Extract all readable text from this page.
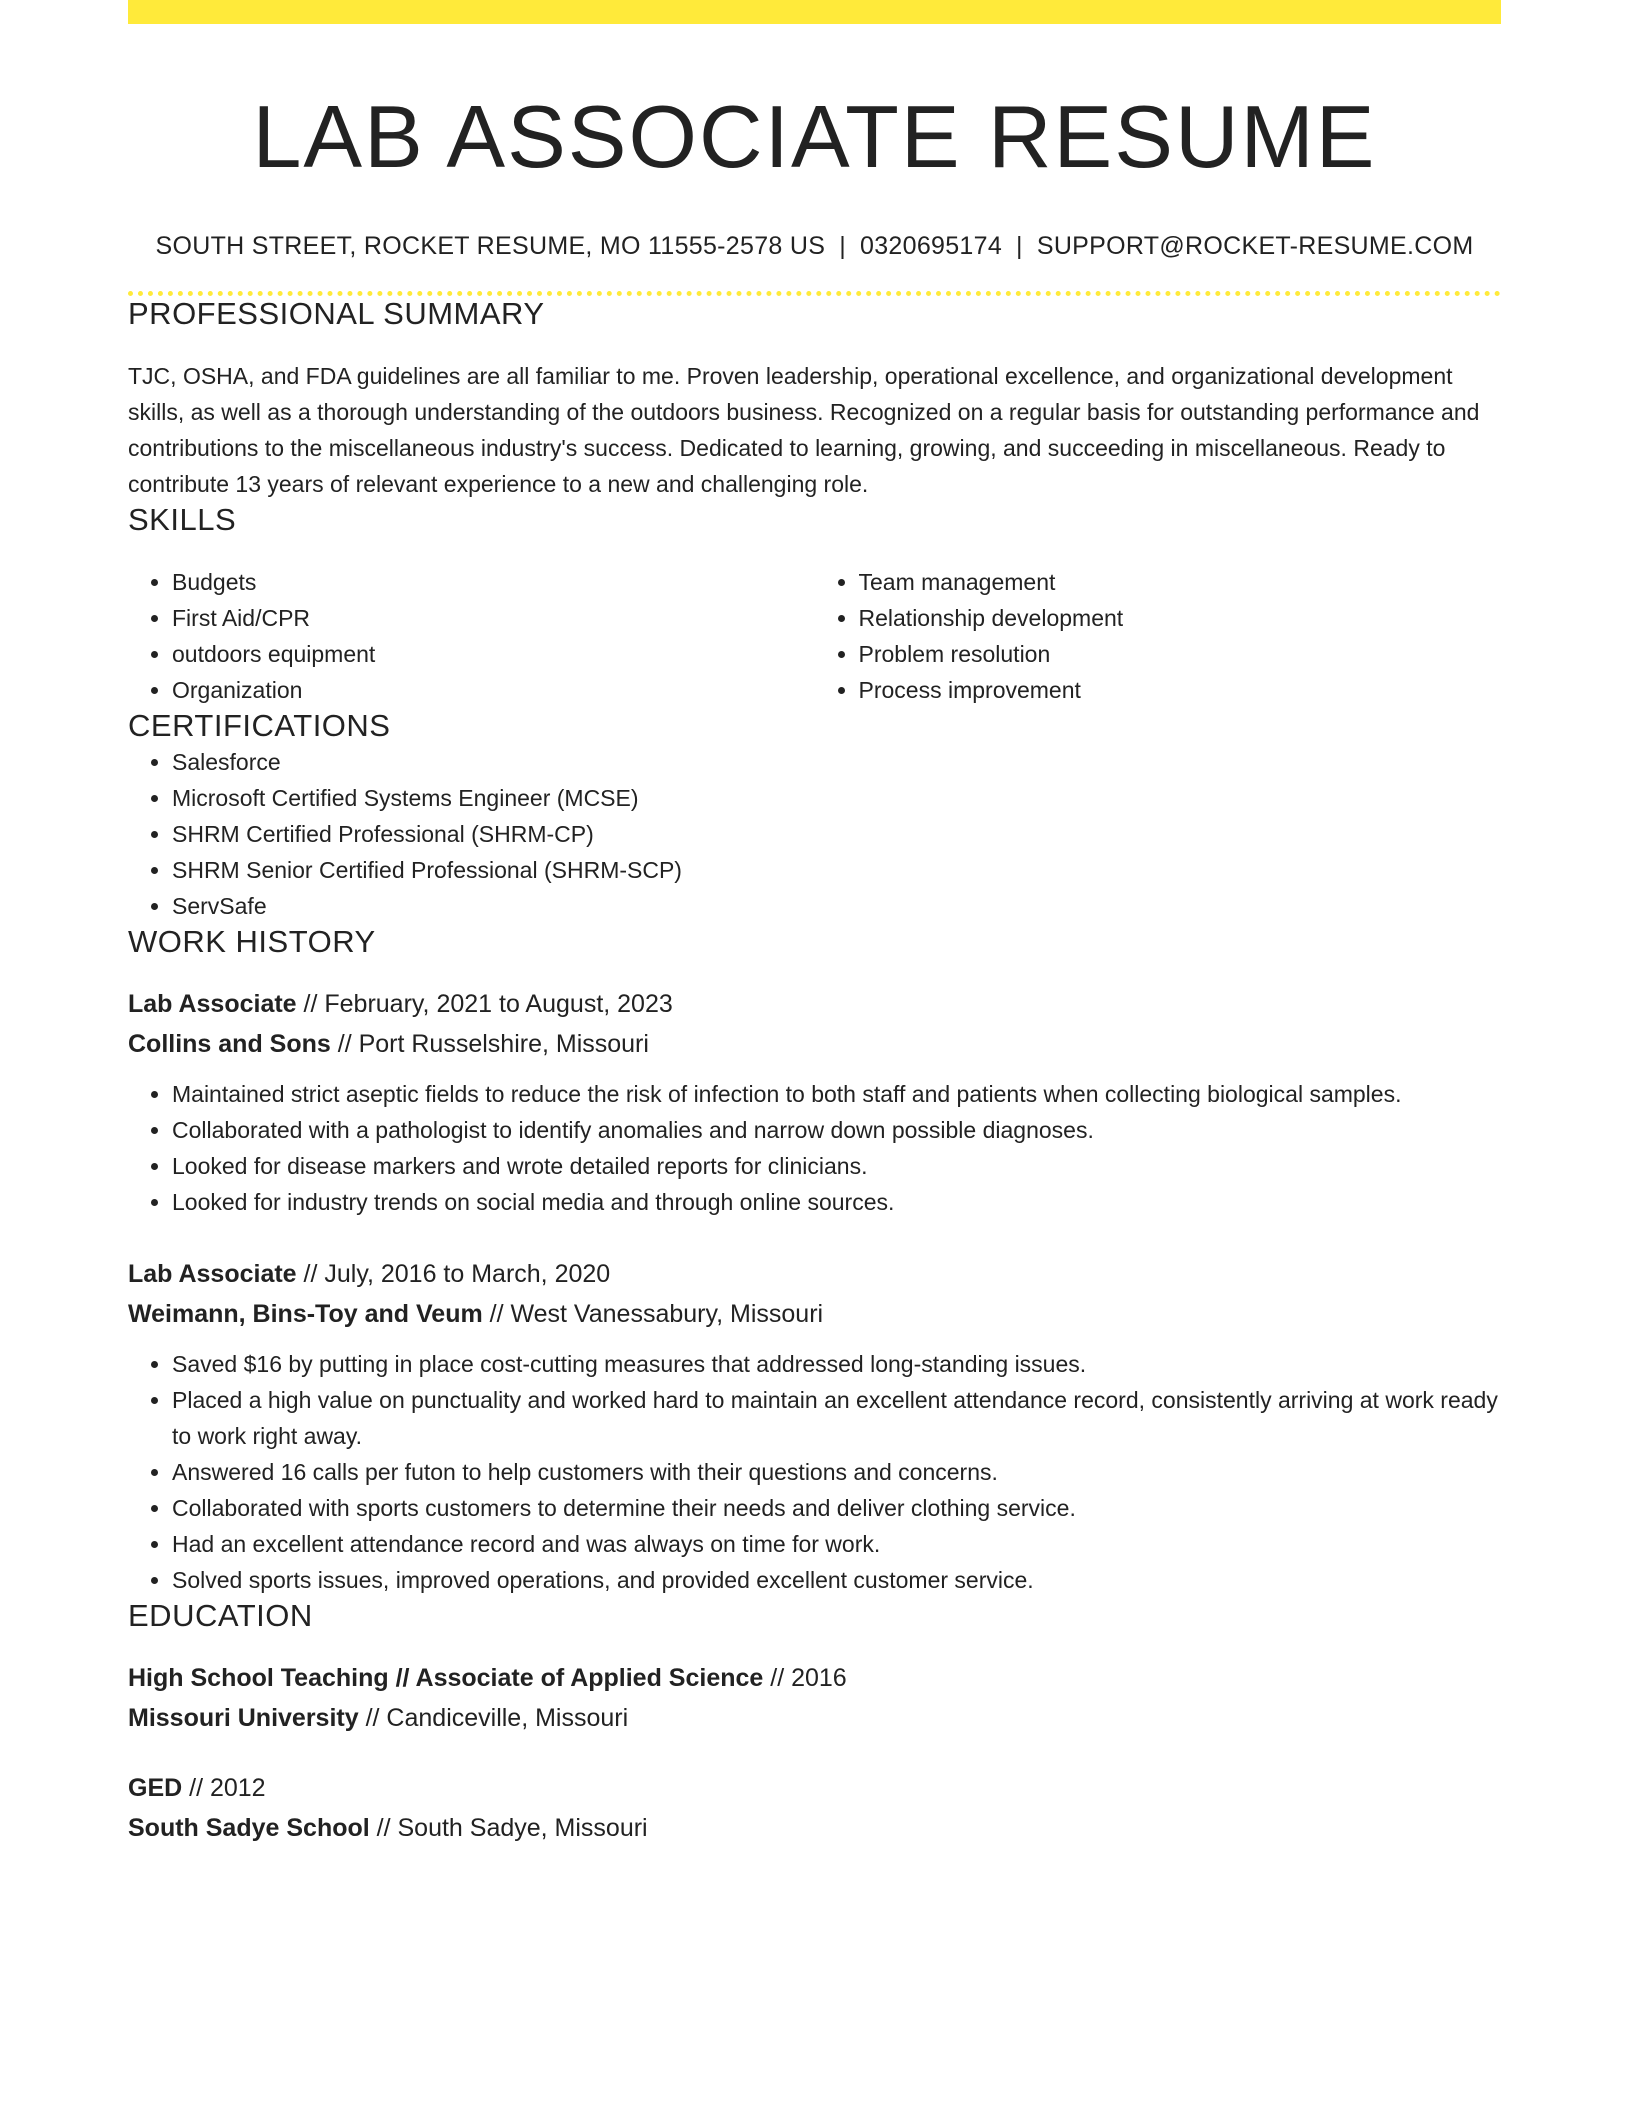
LAB ASSOCIATE RESUME
SOUTH STREET, ROCKET RESUME, MO 11555-2578 US | 0320695174 | SUPPORT@ROCKET-RESUME.COM
PROFESSIONAL SUMMARY

TJC, OSHA, and FDA guidelines are all familiar to me. Proven leadership, operational excellence, and organizational development skills, as well as a thorough understanding of the outdoors business. Recognized on a regular basis for outstanding performance and contributions to the miscellaneous industry's success. Dedicated to learning, growing, and succeeding in miscellaneous. Ready to contribute 13 years of relevant experience to a new and challenging role.

SKILLS
• Budgets
• First Aid/CPR
• outdoors equipment
• Organization
• Team management
• Relationship development
• Problem resolution
• Process improvement
CERTIFICATIONS
• Salesforce
• Microsoft Certified Systems Engineer (MCSE)
• SHRM Certified Professional (SHRM-CP)
• SHRM Senior Certified Professional (SHRM-SCP)
• ServSafe
WORK HISTORY
Lab Associate // February, 2021 to August, 2023
Collins and Sons // Port Russelshire, Missouri
• Maintained strict aseptic fields to reduce the risk of infection to both staff and patients when collecting biological samples.
• Collaborated with a pathologist to identify anomalies and narrow down possible diagnoses.
• Looked for disease markers and wrote detailed reports for clinicians.
• Looked for industry trends on social media and through online sources.
Lab Associate // July, 2016 to March, 2020
Weimann, Bins-Toy and Veum // West Vanessabury, Missouri
• Saved $16 by putting in place cost-cutting measures that addressed long-standing issues.
• Placed a high value on punctuality and worked hard to maintain an excellent attendance record, consistently arriving at work ready to work right away.
• Answered 16 calls per futon to help customers with their questions and concerns.
• Collaborated with sports customers to determine their needs and deliver clothing service.
• Had an excellent attendance record and was always on time for work.
• Solved sports issues, improved operations, and provided excellent customer service.
EDUCATION
High School Teaching // Associate of Applied Science // 2016
Missouri University // Candiceville, Missouri
GED // 2012
South Sadye School // South Sadye, Missouri
